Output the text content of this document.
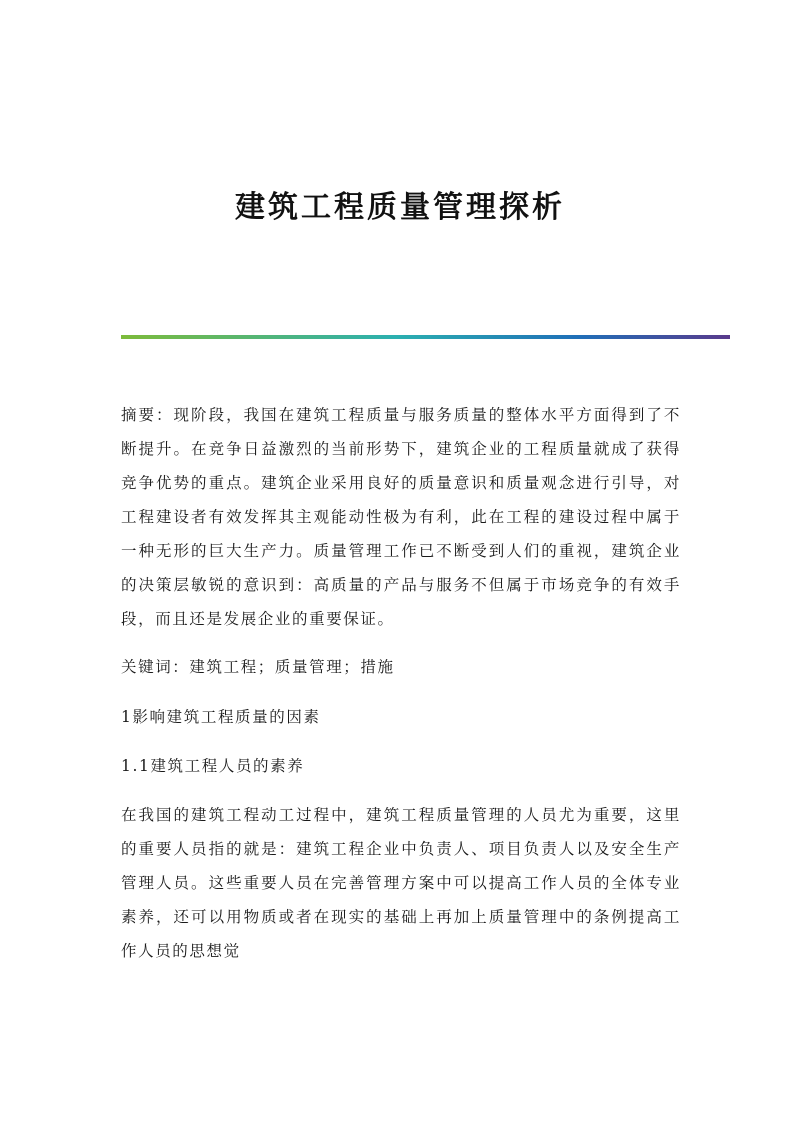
建筑工程质量管理探析

摘要：现阶段，我国在建筑工程质量与服务质量的整体水平方面得到了不断提升。在竞争日益激烈的当前形势下，建筑企业的工程质量就成了获得竞争优势的重点。建筑企业采用良好的质量意识和质量观念进行引导，对工程建设者有效发挥其主观能动性极为有利，此在工程的建设过程中属于一种无形的巨大生产力。质量管理工作已不断受到人们的重视，建筑企业的决策层敏锐的意识到：高质量的产品与服务不但属于市场竞争的有效手段，而且还是发展企业的重要保证。

关键词：建筑工程；质量管理；措施

1影响建筑工程质量的因素

1.1建筑工程人员的素养

在我国的建筑工程动工过程中，建筑工程质量管理的人员尤为重要，这里的重要人员指的就是：建筑工程企业中负责人、项目负责人以及安全生产管理人员。这些重要人员在完善管理方案中可以提高工作人员的全体专业素养，还可以用物质或者在现实的基础上再加上质量管理中的条例提高工作人员的思想觉
